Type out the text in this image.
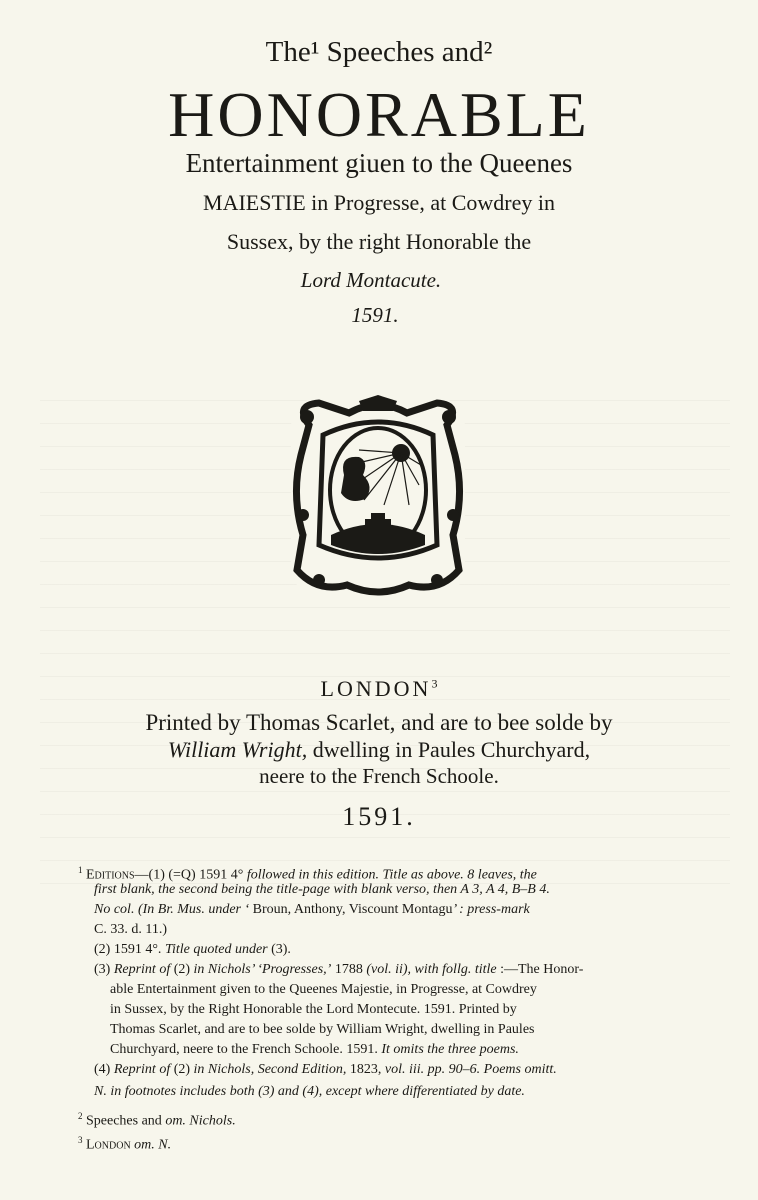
The¹ Speeches and²
HONORABLE
Entertainment giuen to the Queenes
MAIESTIE in Progresse, at Cowdrey in
Sussex, by the right Honorable the
Lord Montacute.
1591.
LONDON$^3$
Printed by Thomas Scarlet, and are to bee solde by
William Wright, dwelling in Paules Churchyard,
neere to the French Schoole.
1591.
$^1$ Editions—(1) (=Q) 1591 4° followed in this edition. Title as above. 8 leaves, the
first blank, the second being the title-page with blank verso, then A 3, A 4, B–B 4.
No col. (In Br. Mus. under ‘ Broun, Anthony, Viscount Montagu’ : press-mark
C. 33. d. 11.)
(2) 1591 4°. Title quoted under (3).
(3) Reprint of (2) in Nichols’ ‘Progresses,’ 1788 (vol. ii), with follg. title :—The Honor-
able Entertainment given to the Queenes Majestie, in Progresse, at Cowdrey
in Sussex, by the Right Honorable the Lord Montecute. 1591. Printed by
Thomas Scarlet, and are to bee solde by William Wright, dwelling in Paules
Churchyard, neere to the French Schoole. 1591. It omits the three poems.
(4) Reprint of (2) in Nichols, Second Edition, 1823, vol. iii. pp. 90–6. Poems omitt.
N. in footnotes includes both (3) and (4), except where differentiated by date.
$^2$ Speeches and om. Nichols.
$^3$ London om. N.
